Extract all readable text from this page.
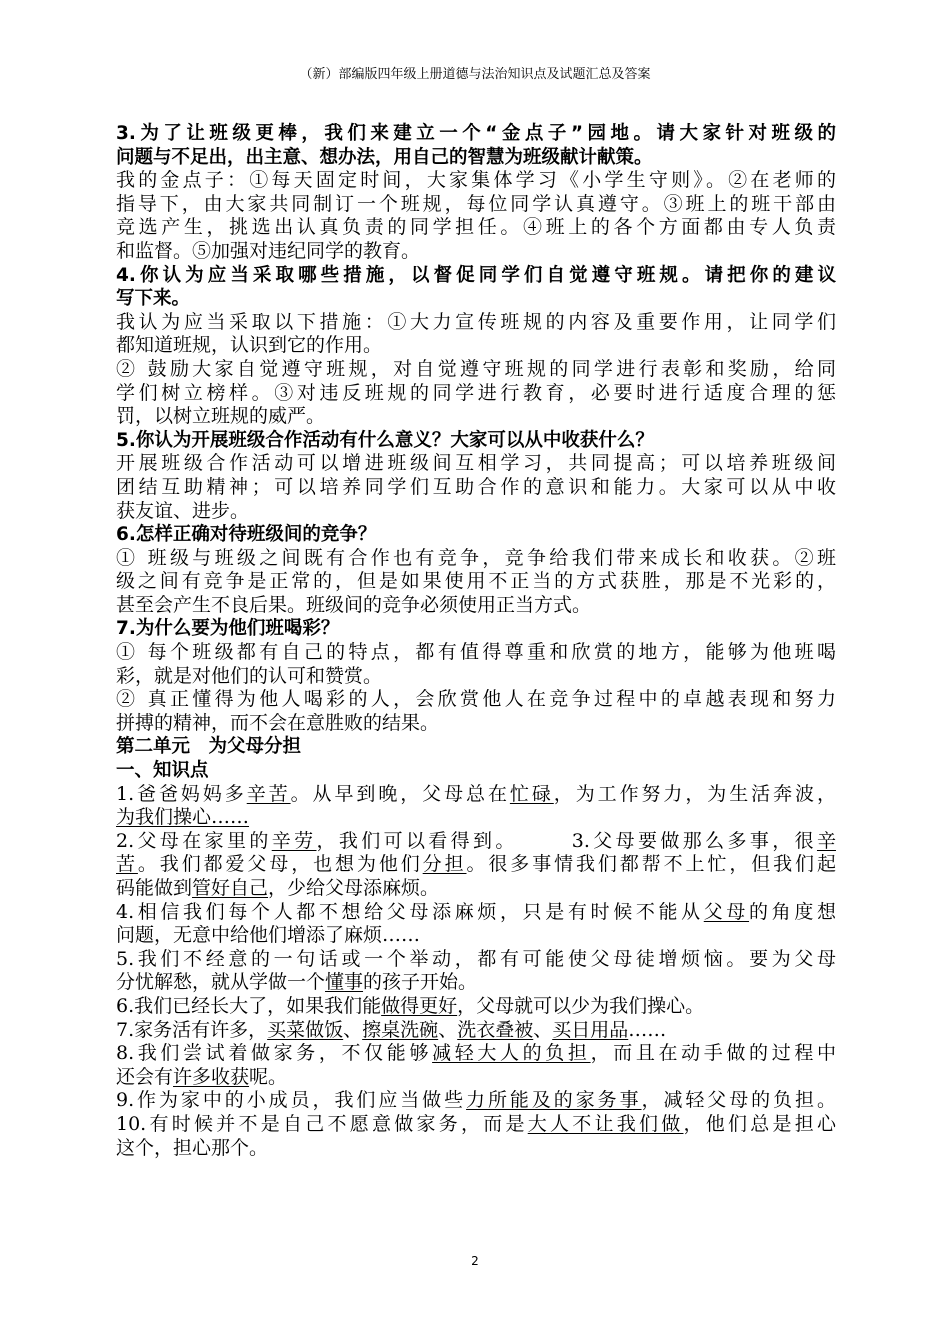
（新）部编版四年级上册道德与法治知识点及试题汇总及答案
3.为了让班级更棒，我们来建立一个“金点子”园地。请大家针对班级的
问题与不足出，出主意、想办法，用自己的智慧为班级献计献策。
我的金点子：①每天固定时间，大家集体学习《小学生守则》。②在老师的
指导下，由大家共同制订一个班规，每位同学认真遵守。③班上的班干部由
竞选产生，挑选出认真负责的同学担任。④班上的各个方面都由专人负责
和监督。⑤加强对违纪同学的教育。
4.你认为应当采取哪些措施，以督促同学们自觉遵守班规。请把你的建议
写下来。
我认为应当采取以下措施：①大力宣传班规的内容及重要作用，让同学们
都知道班规，认识到它的作用。
② 鼓励大家自觉遵守班规，对自觉遵守班规的同学进行表彰和奖励，给同
学们树立榜样。③对违反班规的同学进行教育，必要时进行适度合理的惩
罚，以树立班规的威严。
5.你认为开展班级合作活动有什么意义？大家可以从中收获什么？
开展班级合作活动可以增进班级间互相学习，共同提高；可以培养班级间
团结互助精神；可以培养同学们互助合作的意识和能力。大家可以从中收
获友谊、进步。
6.怎样正确对待班级间的竞争？
① 班级与班级之间既有合作也有竞争，竞争给我们带来成长和收获。②班
级之间有竞争是正常的，但是如果使用不正当的方式获胜，那是不光彩的，
甚至会产生不良后果。班级间的竞争必须使用正当方式。
7.为什么要为他们班喝彩？
① 每个班级都有自己的特点，都有值得尊重和欣赏的地方，能够为他班喝
彩，就是对他们的认可和赞赏。
② 真正懂得为他人喝彩的人，会欣赏他人在竞争过程中的卓越表现和努力
拼搏的精神，而不会在意胜败的结果。
第二单元　为父母分担
一、知识点
1.爸爸妈妈多辛苦。从早到晚，父母总在忙碌，为工作努力，为生活奔波，
为我们操心……
2.父母在家里的辛劳，我们可以看得到。	3.父母要做那么多事，很辛
苦。我们都爱父母，也想为他们分担。很多事情我们都帮不上忙，但我们起
码能做到管好自己，少给父母添麻烦。
4.相信我们每个人都不想给父母添麻烦，只是有时候不能从父母的角度想
问题，无意中给他们增添了麻烦……
5.我们不经意的一句话或一个举动，都有可能使父母徒增烦恼。要为父母
分忧解愁，就从学做一个懂事的孩子开始。
6.我们已经长大了，如果我们能做得更好，父母就可以少为我们操心。
7.家务活有许多，买菜做饭、擦桌洗碗、洗衣叠被、买日用品……
8.我们尝试着做家务，不仅能够减轻大人的负担，而且在动手做的过程中
还会有许多收获呢。
9.作为家中的小成员，我们应当做些力所能及的家务事，减轻父母的负担。
10.有时候并不是自己不愿意做家务，而是大人不让我们做，他们总是担心
这个，担心那个。
2
